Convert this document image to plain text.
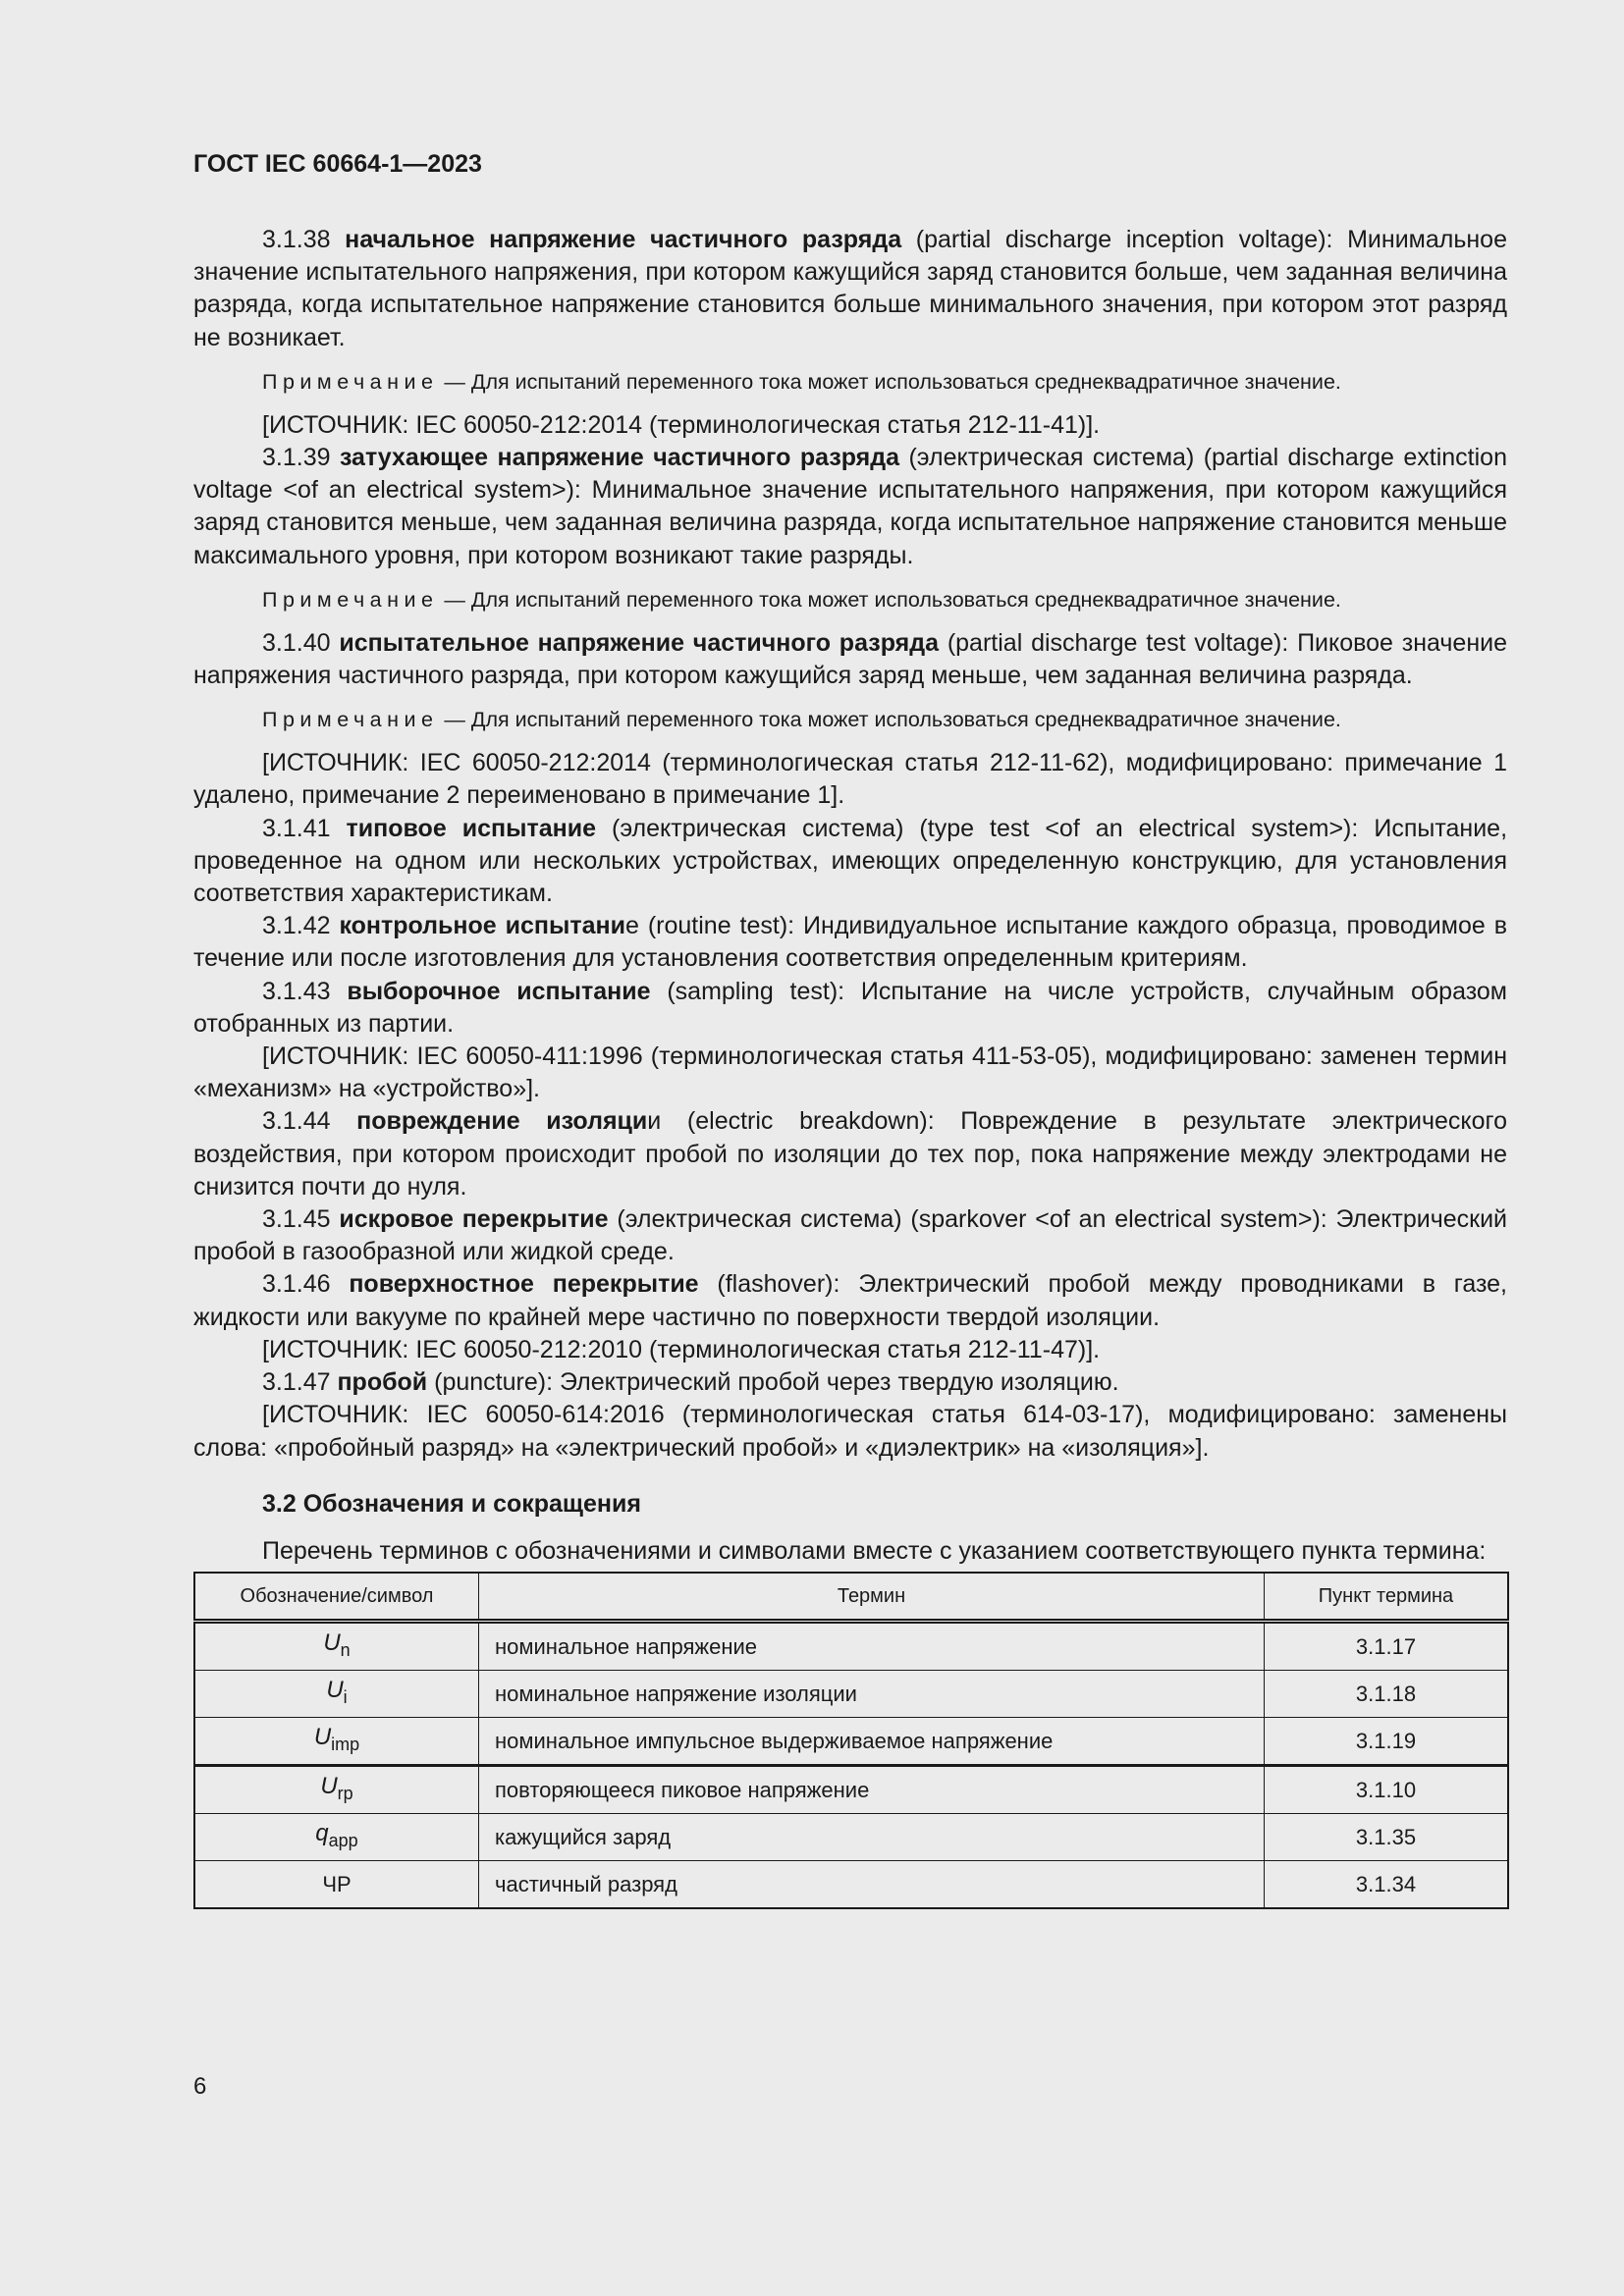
ГОСТ IEC 60664-1—2023

3.1.38 начальное напряжение частичного разряда (partial discharge inception voltage): Минимальное значение испытательного напряжения, при котором кажущийся заряд становится больше, чем заданная величина разряда, когда испытательное напряжение становится больше минимального значения, при котором этот разряд не возникает.

Примечание — Для испытаний переменного тока может использоваться среднеквадратичное значение.

[ИСТОЧНИК: IEC 60050-212:2014 (терминологическая статья 212-11-41)].

3.1.39 затухающее напряжение частичного разряда (электрическая система) (partial discharge extinction voltage <of an electrical system>): Минимальное значение испытательного напряжения, при котором кажущийся заряд становится меньше, чем заданная величина разряда, когда испытательное напряжение становится меньше максимального уровня, при котором возникают такие разряды.

Примечание — Для испытаний переменного тока может использоваться среднеквадратичное значение.

3.1.40 испытательное напряжение частичного разряда (partial discharge test voltage): Пиковое значение напряжения частичного разряда, при котором кажущийся заряд меньше, чем заданная величина разряда.

Примечание — Для испытаний переменного тока может использоваться среднеквадратичное значение.

[ИСТОЧНИК: IEC 60050-212:2014 (терминологическая статья 212-11-62), модифицировано: примечание 1 удалено, примечание 2 переименовано в примечание 1].

3.1.41 типовое испытание (электрическая система) (type test <of an electrical system>): Испытание, проведенное на одном или нескольких устройствах, имеющих определенную конструкцию, для установления соответствия характеристикам.

3.1.42 контрольное испытание (routine test): Индивидуальное испытание каждого образца, проводимое в течение или после изготовления для установления соответствия определенным критериям.

3.1.43 выборочное испытание (sampling test): Испытание на числе устройств, случайным образом отобранных из партии.

[ИСТОЧНИК: IEC 60050-411:1996 (терминологическая статья 411-53-05), модифицировано: заменен термин «механизм» на «устройство»].

3.1.44 повреждение изоляции (electric breakdown): Повреждение в результате электрического воздействия, при котором происходит пробой по изоляции до тех пор, пока напряжение между электродами не снизится почти до нуля.

3.1.45 искровое перекрытие (электрическая система) (sparkover <of an electrical system>): Электрический пробой в газообразной или жидкой среде.

3.1.46 поверхностное перекрытие (flashover): Электрический пробой между проводниками в газе, жидкости или вакууме по крайней мере частично по поверхности твердой изоляции.

[ИСТОЧНИК: IEC 60050-212:2010 (терминологическая статья 212-11-47)].

3.1.47 пробой (puncture): Электрический пробой через твердую изоляцию.

[ИСТОЧНИК: IEC 60050-614:2016 (терминологическая статья 614-03-17), модифицировано: заменены слова: «пробойный разряд» на «электрический пробой» и «диэлектрик» на «изоляция»].

3.2 Обозначения и сокращения

Перечень терминов с обозначениями и символами вместе с указанием соответствующего пункта термина:

Обозначение/символ	Термин	Пункт термина
$U_n$	номинальное напряжение	3.1.17
$U_i$	номинальное напряжение изоляции	3.1.18
$U_{imp}$	номинальное импульсное выдерживаемое напряжение	3.1.19
$U_{rp}$	повторяющееся пиковое напряжение	3.1.10
$q_{app}$	кажущийся заряд	3.1.35
ЧР	частичный разряд	3.1.34
6
